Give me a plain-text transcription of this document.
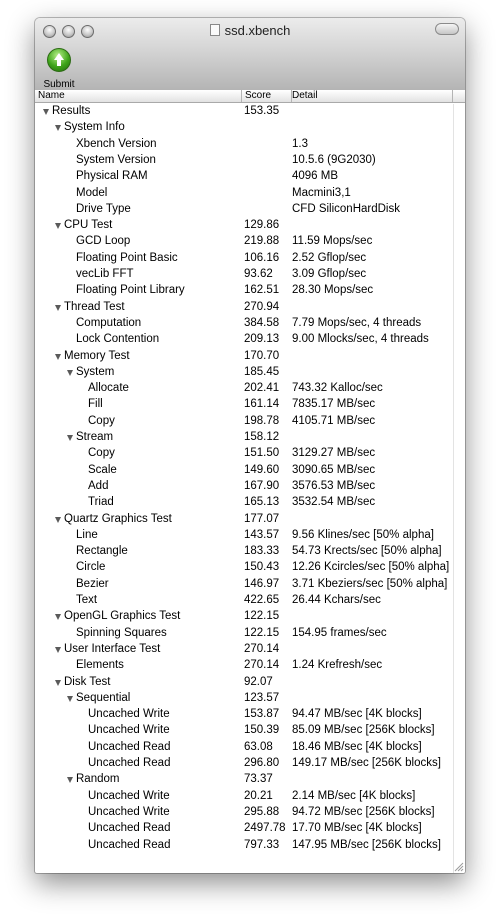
ssd.xbench
Submit
Name	Score	Detail
Results	153.35
System Info
Xbench Version	1.3
System Version	10.5.6 (9G2030)
Physical RAM	4096 MB
Model	Macmini3,1
Drive Type	CFD SiliconHardDisk
CPU Test	129.86
GCD Loop	219.88 11.59 Mops/sec
Floating Point Basic	106.16 2.52 Gflop/sec
vecLib FFT	93.62 3.09 Gflop/sec
Floating Point Library	162.51 28.30 Mops/sec
Thread Test	270.94
Computation	384.58 7.79 Mops/sec, 4 threads
Lock Contention	209.13 9.00 Mlocks/sec, 4 threads
Memory Test	170.70
System	185.45
Allocate	202.41 743.32 Kalloc/sec
Fill	161.14 7835.17 MB/sec
Copy	198.78 4105.71 MB/sec
Stream	158.12
Copy	151.50 3129.27 MB/sec
Scale	149.60 3090.65 MB/sec
Add	167.90 3576.53 MB/sec
Triad	165.13 3532.54 MB/sec
Quartz Graphics Test	177.07
Line	143.57 9.56 Klines/sec [50% alpha]
Rectangle	183.33 54.73 Krects/sec [50% alpha]
Circle	150.43 12.26 Kcircles/sec [50% alpha]
Bezier	146.97 3.71 Kbeziers/sec [50% alpha]
Text	422.65 26.44 Kchars/sec
OpenGL Graphics Test	122.15
Spinning Squares	122.15 154.95 frames/sec
User Interface Test	270.14
Elements	270.14 1.24 Krefresh/sec
Disk Test	92.07
Sequential	123.57
Uncached Write	153.87 94.47 MB/sec [4K blocks]
Uncached Write	150.39 85.09 MB/sec [256K blocks]
Uncached Read	63.08 18.46 MB/sec [4K blocks]
Uncached Read	296.80 149.17 MB/sec [256K blocks]
Random	73.37
Uncached Write	20.21 2.14 MB/sec [4K blocks]
Uncached Write	295.88 94.72 MB/sec [256K blocks]
Uncached Read	2497.78 17.70 MB/sec [4K blocks]
Uncached Read	797.33 147.95 MB/sec [256K blocks]
